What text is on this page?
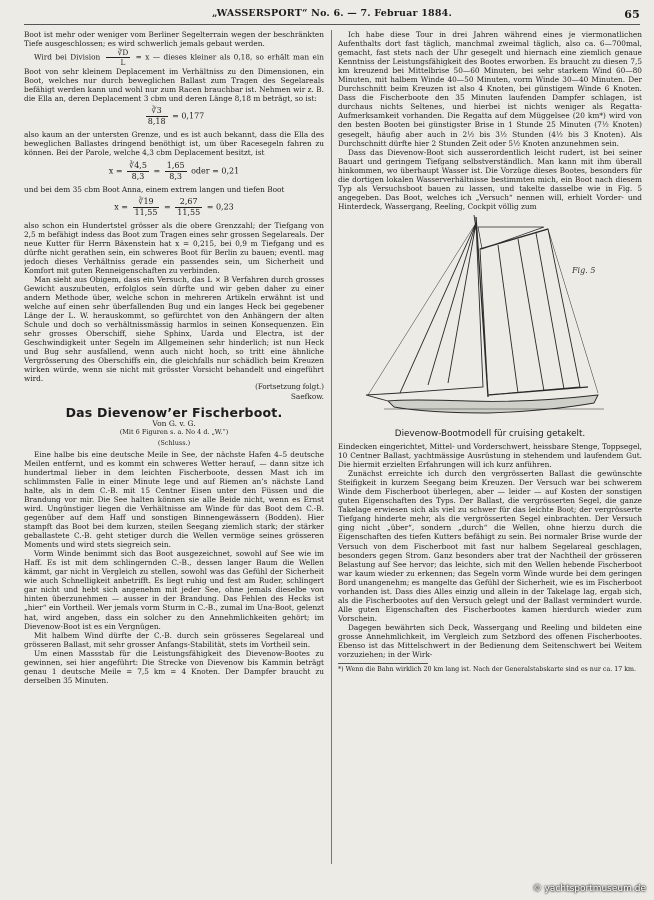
„WASSERSPORT“ No. 6. — 7. Februar 1884.	65

Boot ist mehr oder weniger vom Berliner Segelterrain wegen der beschränkten Tiefe ausgeschlossen; es wird schwerlich jemals gebaut werden.

Wird bei Division $\frac{∛D}{L} = x$ — dieses kleiner als 0,18, so erhält man ein Boot von sehr kleinem Deplacement im Verhältniss zu den Dimensionen, ein Boot, welches nur durch beweglichen Ballast zum Tragen des Segelareals befähigt werden kann und wohl nur zum Racen brauchbar ist. Nehmen wir z. B. die Ella an, deren Deplacement 3 cbm und deren Länge 8,18 m beträgt, so ist:

$\frac{∛3}{8,18} = 0,177$

also kaum an der untersten Grenze, und es ist auch bekannt, dass die Ella des beweglichen Ballastes dringend benöthigt ist, um über Racesegeln fahren zu können. Bei der Parole, welche 4,3 cbm Deplacement besitzt, ist

$x = \frac{∛4,5}{8,3} = \frac{1,65}{8,3}$ oder = 0,21

und bei dem 35 cbm Boot Anna, einem extrem langen und tiefen Boot

$x = \frac{∛19}{11,55} = \frac{2,67}{11,55} = 0,23$

also schon ein Hundertstel grösser als die obere Grenzzahl; der Tiefgang von 2,5 m befähigt indess das Boot zum Tragen eines sehr grossen Segelareals. Der neue Kutter für Herrn Bäxenstein hat x = 0,215, bei 0,9 m Tiefgang und es dürfte nicht gerathen sein, ein schweres Boot für Berlin zu bauen; eventl. mag jedoch dieses Verhältniss gerade ein passendes sein, um Sicherheit und Komfort mit guten Renneigenschaften zu verbinden.

Man sieht aus Obigem, dass ein Versuch, das L × B Verfahren durch grosses Gewicht auszubeuten, erfolglos sein dürfte und wir geben daher zu einer andern Methode über, welche schon in mehreren Artikeln erwähnt ist und welche auf einen sehr überfallenden Bug und ein langes Heck bei gegebener Länge der L. W. herauskommt, so gefürchtet von den Anhängern der alten Schule und doch so verhältnissmässig harmlos in seinen Konsequenzen. Ein sehr grosses Oberschiff, siehe Sphinx, Uarda und Electra, ist der Geschwindigkeit unter Segeln im Allgemeinen sehr hinderlich; ist nun Heck und Bug sehr ausfallend, wenn auch nicht hoch, so tritt eine ähnliche Vergrösserung des Oberschiffs ein, die gleichfalls nur schädlich beim Kreuzen wirken würde, wenn sie nicht mit grösster Vorsicht behandelt und eingeführt wird.

(Fortsetzung folgt.)
Saefkow.
Das Dievenow’er Fischerboot.
Von G. v. G.
(Mit 6 Figuren s. a. No 4 d. „W.“)
(Schluss.)

Eine halbe bis eine deutsche Meile in See, der nächste Hafen 4–5 deutsche Meilen entfernt, und es kommt ein schweres Wetter herauf, — dann sitze ich hundertmal lieber in dem leichten Fischerboote, dessen Mast ich im schlimmsten Falle in einer Minute lege und auf Riemen an’s nächste Land halte, als in dem C.-B. mit 15 Centner Eisen unter den Füssen und die Brandung vor mir. Die See halten können sie alle Beide nicht, wenn es Ernst wird. Ungünstiger liegen die Verhältnisse am Winde für das Boot dem C.-B. gegenüber auf dem Haff und sonstigen Binnengewässern (Bodden). Hier stampft das Boot bei dem kurzen, steilen Seegang ziemlich stark; der stärker geballastete C.-B. geht stetiger durch die Wellen vermöge seines grösseren Moments und wird stets siegreich sein.

Vorm Winde benimmt sich das Boot ausgezeichnet, sowohl auf See wie im Haff. Es ist mit dem schlingernden C.-B., dessen langer Baum die Wellen kämmt, gar nicht in Vergleich zu stellen, sowohl was das Gefühl der Sicherheit wie auch Schnelligkeit anbetrifft. Es liegt ruhig und fest am Ruder, schlingert gar nicht und hebt sich angenehm mit jeder See, ohne jemals dieselbe von hinten überzunehmen — ausser in der Brandung. Das Fehlen des Hecks ist „hier“ ein Vortheil. Wer jemals vorm Sturm in C.-B., zumal im Una-Boot, gelenzt hat, wird angeben, dass ein solcher zu den Annehmlichkeiten gehört; im Dievenow-Boot ist es ein Vergnügen.

Mit halbem Wind dürfte der C.-B. durch sein grösseres Segelareal und grösseren Ballast, mit sehr grosser Anfangs-Stabilität, stets im Vortheil sein.

Um einen Massstab für die Leistungsfähigkeit des Dievenow-Bootes zu gewinnen, sei hier angeführt: Die Strecke von Dievenow bis Kammin beträgt genau 1 deutsche Meile = 7,5 km = 4 Knoten. Der Dampfer braucht zu derselben 35 Minuten.

Ich habe diese Tour in drei Jahren während eines je viermonatlichen Aufenthalts dort fast täglich, manchmal zweimal täglich, also ca. 6—700mal, gemacht, fast stets nach der Uhr gesegelt und hiernach eine ziemlich genaue Kenntniss der Leistungsfähigkeit des Bootes erworben. Es braucht zu diesen 7,5 km kreuzend bei Mittelbrise 50—60 Minuten, bei sehr starkem Wind 60—80 Minuten, mit halbem Winde 40—50 Minuten, vorm Winde 30—40 Minuten. Der Durchschnitt beim Kreuzen ist also 4 Knoten, bei günstigem Winde 6 Knoten. Dass die Fischerboote den 35 Minuten laufenden Dampfer schlagen, ist durchaus nichts Seltenes, und hierbei ist nichts weniger als Regatta-Aufmerksamkeit vorhanden. Die Regatta auf dem Müggelsee (20 km*) wird von den besten Booten bei günstigster Brise in 1 Stunde 25 Minuten (7½ Knoten) gesegelt, häufig aber auch in 2½ bis 3½ Stunden (4½ bis 3 Knoten). Als Durchschnitt dürfte hier 2 Stunden Zeit oder 5½ Knoten anzunehmen sein.

Dass das Dievenow-Boot sich ausserordentlich leicht rudert, ist bei seiner Bauart und geringem Tiefgang selbstverständlich. Man kann mit ihm überall hinkommen, wo überhaupt Wasser ist. Die Vorzüge dieses Bootes, besonders für die dortigen lokalen Wasserverhältnisse bestimmten mich, ein Boot nach diesem Typ als Versuchsboot bauen zu lassen, und takelte dasselbe wie in Fig. 5 angegeben. Das Boot, welches ich „Versuch“ nennen will, erhielt Vorder- und Hinterdeck, Wassergang, Reeling, Cockpit völlig zum

Fig. 5
Dievenow-Bootmodell für cruising getakelt.

Eindecken eingerichtet, Mittel- und Vorderschwert, heissbare Stenge, Toppsegel, 10 Centner Ballast, yachtmässige Ausrüstung in stehendem und laufendem Gut. Die hiermit erzielten Erfahrungen will ich kurz anführen.

Zunächst erreichte ich durch den vergrösserten Ballast die gewünschte Steifigkeit in kurzem Seegang beim Kreuzen. Der Versuch war bei schwerem Winde dem Fischerboot überlegen, aber — leider — auf Kosten der sonstigen guten Eigenschaften des Typs. Der Ballast, die vergrösserten Segel, die ganze Takelage erwiesen sich als viel zu schwer für das leichte Boot; der vergrösserte Tiefgang hinderte mehr, als die vergrösserten Segel einbrachten. Der Versuch ging nicht „über“, sondern „durch“ die Wellen, ohne hierzu durch die Eigenschaften des tiefen Kutters befähigt zu sein. Bei normaler Brise wurde der Versuch von dem Fischerboot mit fast nur halbem Segelareal geschlagen, besonders gegen Strom. Ganz besonders aber trat der Nachtheil der grösseren Belastung auf See hervor; das leichte, sich mit den Wellen hebende Fischerboot war kaum wieder zu erkennen; das Segeln vorm Winde wurde bei dem geringen Bord unangenehm; es mangelte das Gefühl der Sicherheit, wie es im Fischerboot vorhanden ist. Dass dies Alles einzig und allein in der Takelage lag, ergab sich, als die Fischerbootes auf den Versuch gelegt und der Ballast vermindert wurde. Alle guten Eigenschaften des Fischerbootes kamen hierdurch wieder zum Vorschein.

Dagegen bewährten sich Deck, Wassergang und Reeling und bildeten eine grosse Annehmlichkeit, im Vergleich zum Setzbord des offenen Fischerbootes. Ebenso ist das Mittelschwert in der Bedienung dem Seitenschwert bei Weitem vorzuziehen; in der Wirk-

*) Wenn die Bahn wirklich 20 km lang ist. Nach der Generalstabskarte sind es nur ca. 17 km.
© yachtsportmuseum.de
